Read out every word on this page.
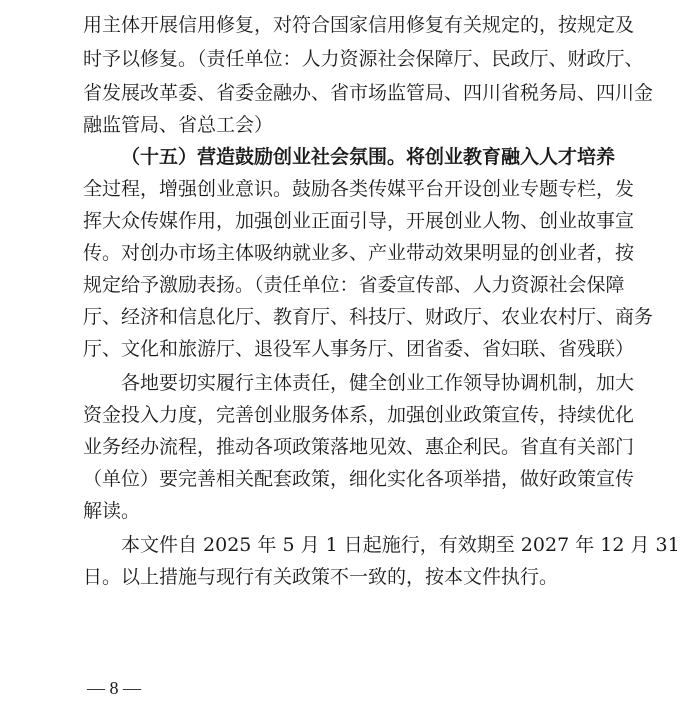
用主体开展信用修复，对符合国家信用修复有关规定的，按规定及
时予以修复。（责任单位：人力资源社会保障厅、民政厅、财政厅、
省发展改革委、省委金融办、省市场监管局、四川省税务局、四川金
融监管局、省总工会）
（十五）营造鼓励创业社会氛围。将创业教育融入人才培养
全过程，增强创业意识。鼓励各类传媒平台开设创业专题专栏，发
挥大众传媒作用，加强创业正面引导，开展创业人物、创业故事宣
传。对创办市场主体吸纳就业多、产业带动效果明显的创业者，按
规定给予激励表扬。（责任单位：省委宣传部、人力资源社会保障
厅、经济和信息化厅、教育厅、科技厅、财政厅、农业农村厅、商务
厅、文化和旅游厅、退役军人事务厅、团省委、省妇联、省残联）
各地要切实履行主体责任，健全创业工作领导协调机制，加大
资金投入力度，完善创业服务体系，加强创业政策宣传，持续优化
业务经办流程，推动各项政策落地见效、惠企利民。省直有关部门
（单位）要完善相关配套政策，细化实化各项举措，做好政策宣传
解读。
本文件自 2025 年 5 月 1 日起施行，有效期至 2027 年 12 月 31
日。以上措施与现行有关政策不一致的，按本文件执行。
— 8 —
